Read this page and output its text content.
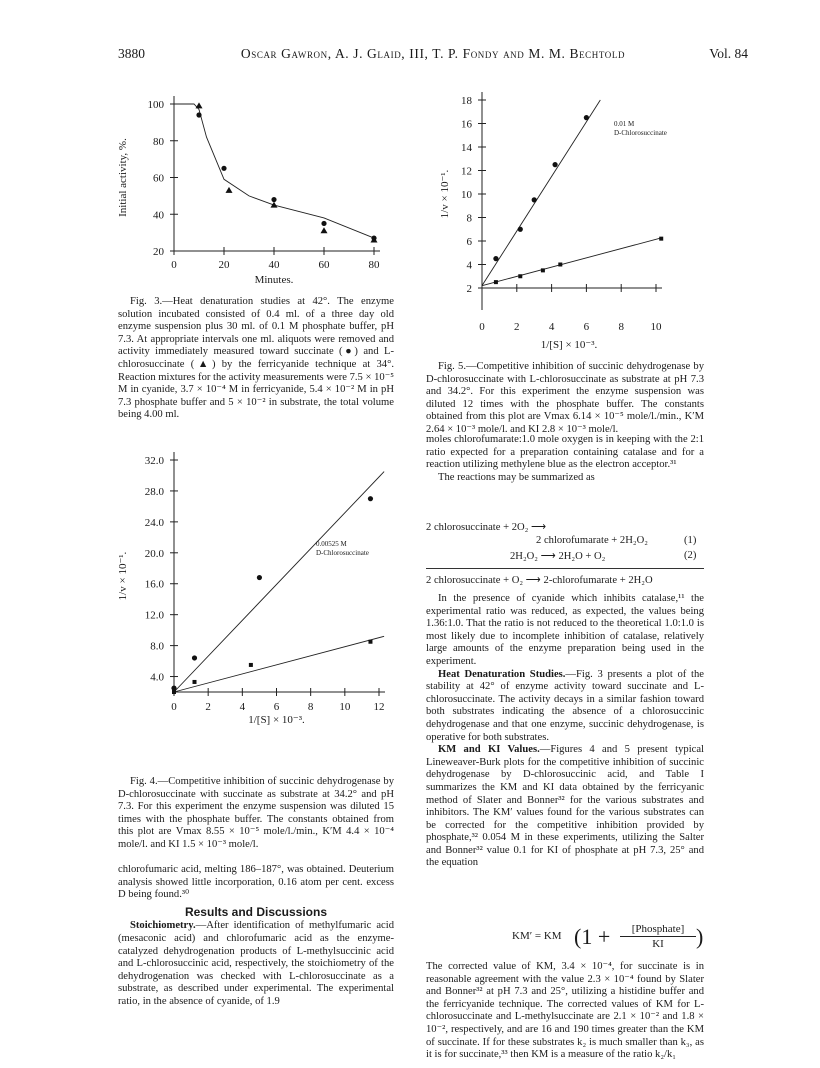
3880	Oscar Gawron, A. J. Glaid, III, T. P. Fondy and M. M. Bechtold	Vol. 84
20
40
60
80
100
0	20	40	60	80
Minutes.
Initial activity, %.

Fig. 3.—Heat denaturation studies at 42°. The enzyme solution incubated consisted of 0.4 ml. of a three day old enzyme suspension plus 30 ml. of 0.1 M phosphate buffer, pH 7.3. At appropriate intervals one ml. aliquots were removed and activity immediately measured toward succinate (●) and L-chlorosuccinate (▲) by the ferricyanide technique at 34°. Reaction mixtures for the activity measurements were 7.5 × 10⁻⁵ M in cyanide, 3.7 × 10⁻⁴ M in ferricyanide, 5.4 × 10⁻² M in pH 7.3 phosphate buffer and 5 × 10⁻² in substrate, the total volume being 4.00 ml.

2
4
6
8
10
12
14
16
18
0	2	4	6	8 10
1/[S] × 10⁻³.
1/v × 10⁻¹.
0.01 M
D-Chlorosuccinate

Fig. 5.—Competitive inhibition of succinic dehydrogenase by D-chlorosuccinate with L-chlorosuccinate as substrate at pH 7.3 and 34.2°. For this experiment the enzyme suspension was diluted 12 times with the phosphate buffer. The constants obtained from this plot are Vmax 6.14 × 10⁻⁵ mole/l./min., K′M 2.64 × 10⁻³ mole/l. and KI 2.8 × 10⁻³ mole/l.

4.0
8.0
12.0
16.0
20.0
24.0
28.0
32.0
0	2	4	6	8 10 12
1/[S] × 10⁻³.
1/v × 10⁻¹.
0.00525 M
D-Chlorosuccinate

Fig. 4.—Competitive inhibition of succinic dehydrogenase by D-chlorosuccinate with succinate as substrate at 34.2° and pH 7.3. For this experiment the enzyme suspension was diluted 15 times with the phosphate buffer. The constants obtained from this plot are Vmax 8.55 × 10⁻⁵ mole/l./min., K′M 4.4 × 10⁻⁴ mole/l. and KI 1.5 × 10⁻³ mole/l.

chlorofumaric acid, melting 186–187°, was obtained. Deuterium analysis showed little incorporation, 0.16 atom per cent. excess D being found.³⁰

Results and Discussions

Stoichiometry.—After identification of methylfumaric acid (mesaconic acid) and chlorofumaric acid as the enzyme-catalyzed dehydrogenation products of L-methylsuccinic acid and L-chlorosuccinic acid, respectively, the stoichiometry of the dehydrogenation was checked with L-chlorosuccinate as a substrate, as described under experimental. The experimental ratio, in the absence of cyanide, of 1.9

moles chlorofumarate:1.0 mole oxygen is in keeping with the 2:1 ratio expected for a preparation containing catalase and for a reaction utilizing methylene blue as the electron acceptor.³¹

The reactions may be summarized as

2 chlorosuccinate + 2O₂ ⟶
2 chlorofumarate + 2H₂O₂	(1)
2H₂O₂ ⟶ 2H₂O + O₂	(2)
2 chlorosuccinate + O₂ ⟶ 2-chlorofumarate + 2H₂O

In the presence of cyanide which inhibits catalase,¹¹ the experimental ratio was reduced, as expected, the values being 1.36:1.0. That the ratio is not reduced to the theoretical 1.0:1.0 is most likely due to incomplete inhibition of catalase, relatively large amounts of the enzyme preparation being used in the experiment.

Heat Denaturation Studies.—Fig. 3 presents a plot of the stability at 42° of enzyme activity toward succinate and L-chlorosuccinate. The activity decays in a similar fashion toward both substrates indicating the absence of a chlorosuccinic dehydrogenase and that one enzyme, succinic dehydrogenase, is operative for both substrates.

KM and KI Values.—Figures 4 and 5 present typical Lineweaver-Burk plots for the competitive inhibition of succinic dehydrogenase by D-chlorosuccinic acid, and Table I summarizes the KM and KI data obtained by the ferricyanic method of Slater and Bonner³² for the various substrates and inhibitors. The KM′ values found for the various substrates can be corrected for the competitive inhibition provided by phosphate,³² 0.054 M in these experiments, utilizing the Salter and Bonner³² value 0.1 for KI of phosphate at pH 7.3, 25° and the equation

KM′ = KM (1 +	[Phosphate]
KI	)

The corrected value of KM, 3.4 × 10⁻⁴, for succinate is in reasonable agreement with the value 2.3 × 10⁻⁴ found by Slater and Bonner³² at pH 7.3 and 25°, utilizing a histidine buffer and the ferricyanide technique. The corrected values of KM for L-chlorosuccinate and L-methylsuccinate are 2.1 × 10⁻² and 1.8 × 10⁻², respectively, and are 16 and 190 times greater than the KM of succinate. If for these substrates k₂ is much smaller than k₃, as it is for succinate,³³ then KM is a measure of the ratio k₂/k₁
